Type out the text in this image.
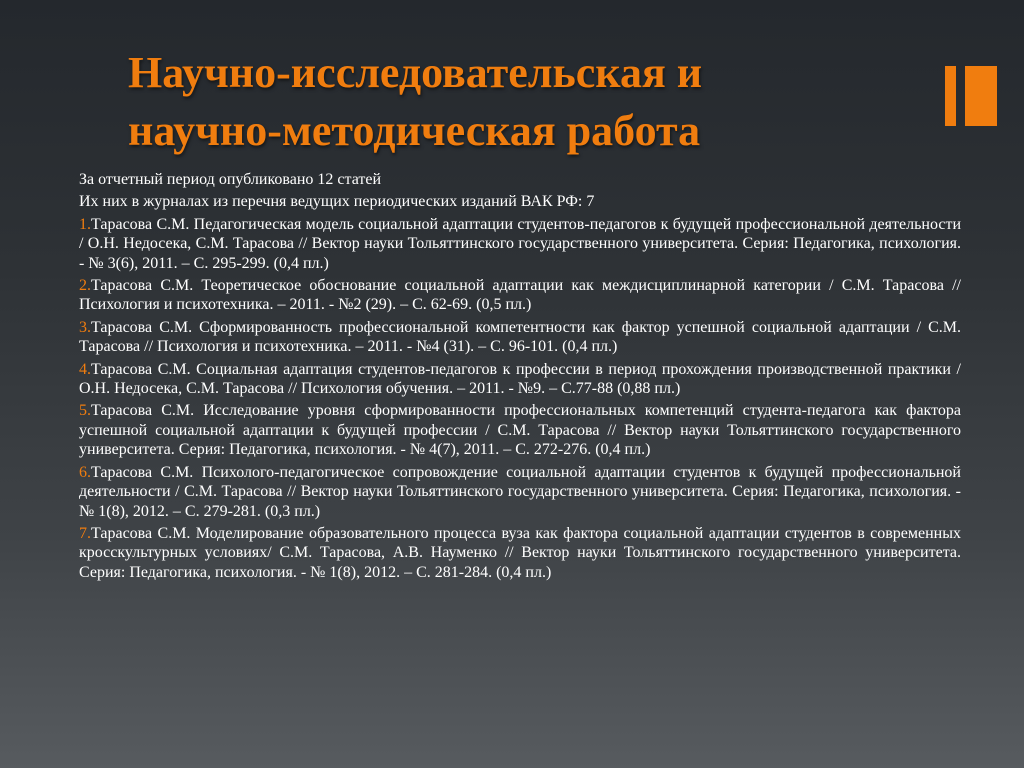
Научно-исследовательская и
научно-методическая работа

За отчетный период опубликовано 12 статей

Их них в журналах из перечня ведущих периодических изданий ВАК РФ: 7

1.Тарасова С.М. Педагогическая модель социальной адаптации студентов-педагогов к будущей профессиональной деятельности / О.Н. Недосека, С.М. Тарасова // Вектор науки Тольяттинского государственного университета. Серия: Педагогика, психология. - № 3(6), 2011. – С. 295-299. (0,4 пл.)

2.Тарасова С.М. Теоретическое обоснование социальной адаптации как междисциплинарной категории / С.М. Тарасова // Психология и психотехника. – 2011. - №2 (29). – С. 62-69. (0,5 пл.)

3.Тарасова С.М. Сформированность профессиональной компетентности как фактор успешной социальной адаптации / С.М. Тарасова // Психология и психотехника. – 2011. - №4 (31). – С. 96-101. (0,4 пл.)

4.Тарасова С.М. Социальная адаптация студентов-педагогов к профессии в период прохождения производственной практики / О.Н. Недосека, С.М. Тарасова // Психология обучения. – 2011. - №9. – С.77-88 (0,88 пл.)

5.Тарасова С.М. Исследование уровня сформированности профессиональных компетенций студента-педагога как фактора успешной социальной адаптации к будущей профессии / С.М. Тарасова // Вектор науки Тольяттинского государственного университета. Серия: Педагогика, психология. - № 4(7), 2011. – С. 272-276. (0,4 пл.)

6.Тарасова С.М. Психолого-педагогическое сопровождение социальной адаптации студентов к будущей профессиональной деятельности / С.М. Тарасова // Вектор науки Тольяттинского государственного университета. Серия: Педагогика, психология. - № 1(8), 2012. – С. 279-281. (0,3 пл.)

7.Тарасова С.М. Моделирование образовательного процесса вуза как фактора социальной адаптации студентов в современных кросскультурных условиях/ С.М. Тарасова, А.В. Науменко // Вектор науки Тольяттинского государственного университета. Серия: Педагогика, психология. - № 1(8), 2012. – С. 281-284. (0,4 пл.)
